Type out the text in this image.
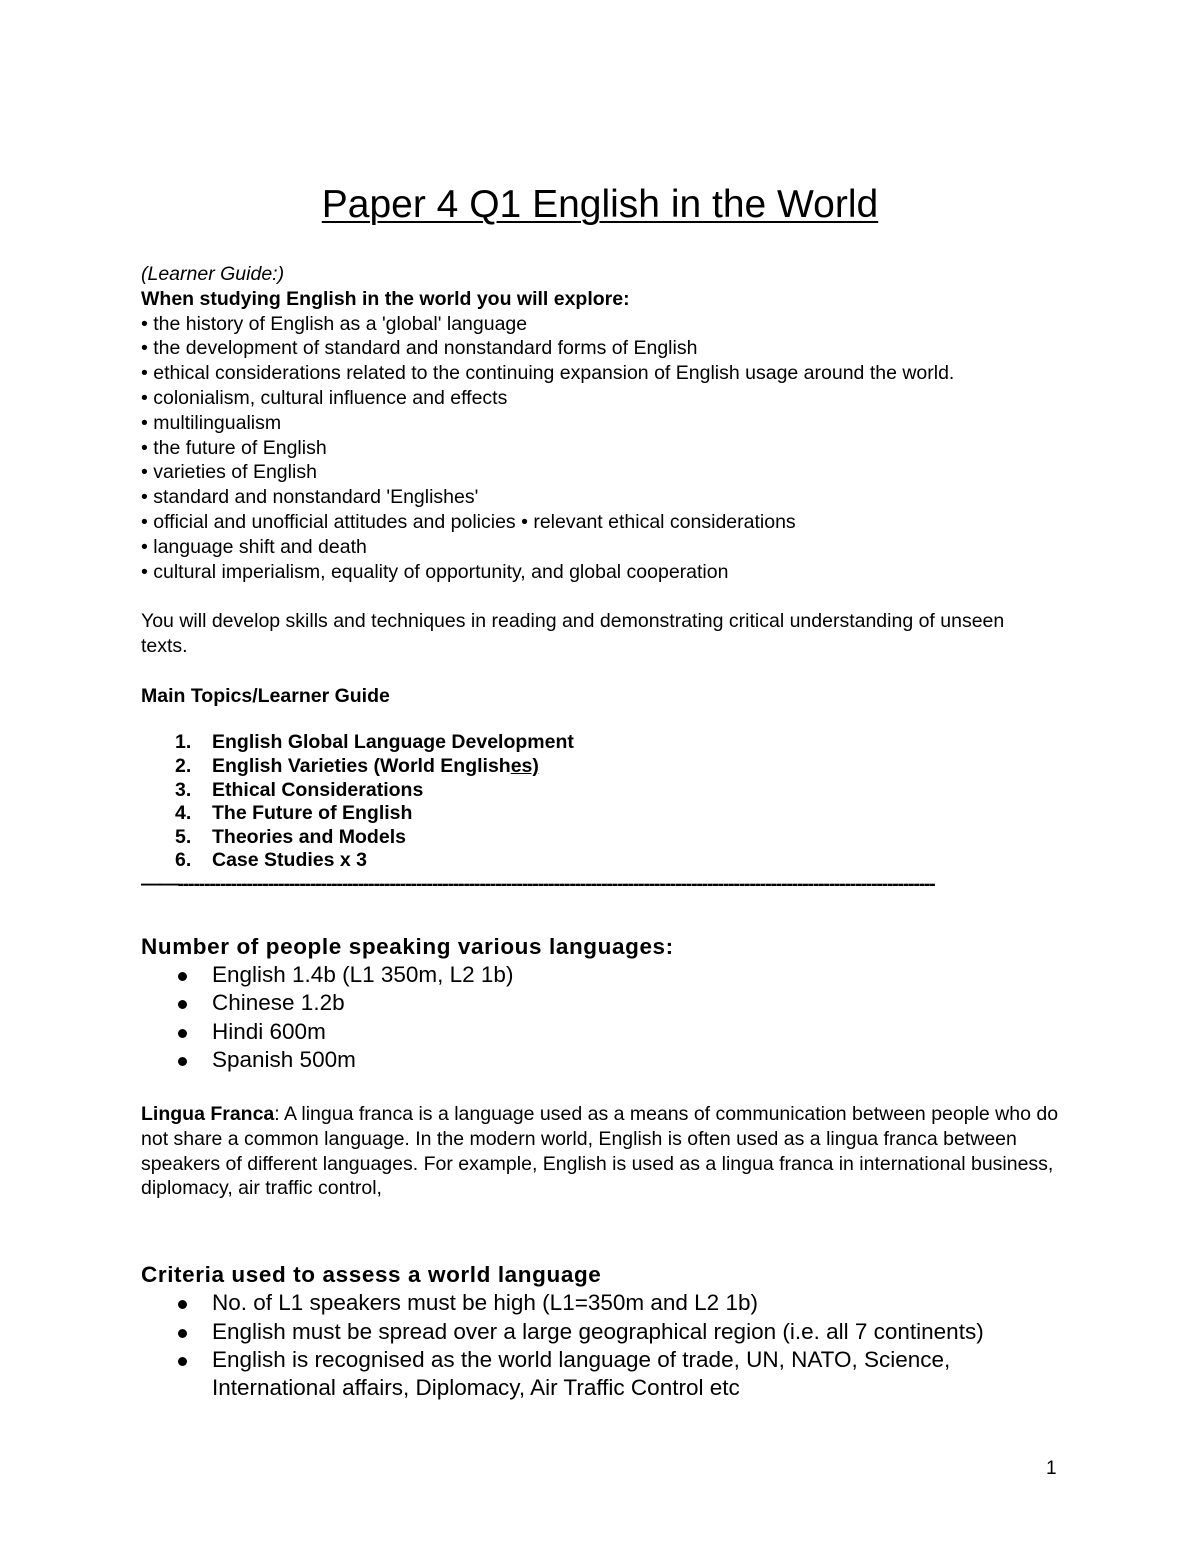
Paper 4 Q1 English in the World

(Learner Guide:)

When studying English in the world you will explore:

• the history of English as a 'global' language

• the development of standard and nonstandard forms of English

• ethical considerations related to the continuing expansion of English usage around the world.

• colonialism, cultural influence and effects

• multilingualism

• the future of English

• varieties of English

• standard and nonstandard 'Englishes'

• official and unofficial attitudes and policies • relevant ethical considerations

• language shift and death

• cultural imperialism, equality of opportunity, and global cooperation

You will develop skills and techniques in reading and demonstrating critical understanding of unseen texts.

Main Topics/Learner Guide

1. English Global Language Development
2. English Varieties (World Englishes)
3. Ethical Considerations
4. The Future of English
5. Theories and Models
6. Case Studies x 3
——-----------------------------------------------------------------------------------------------------------------------------------------------
Number of people speaking various languages:
English 1.4b (L1 350m, L2 1b)
Chinese 1.2b
Hindi 600m
Spanish 500m

Lingua Franca: A lingua franca is a language used as a means of communication between people who do not share a common language. In the modern world, English is often used as a lingua franca between speakers of different languages. For example, English is used as a lingua franca in international business, diplomacy, air traffic control,

Criteria used to assess a world language
No. of L1 speakers must be high (L1=350m and L2 1b)
English must be spread over a large geographical region (i.e. all 7 continents)
English is recognised as the world language of trade, UN, NATO, Science, International affairs, Diplomacy, Air Traffic Control etc
1
